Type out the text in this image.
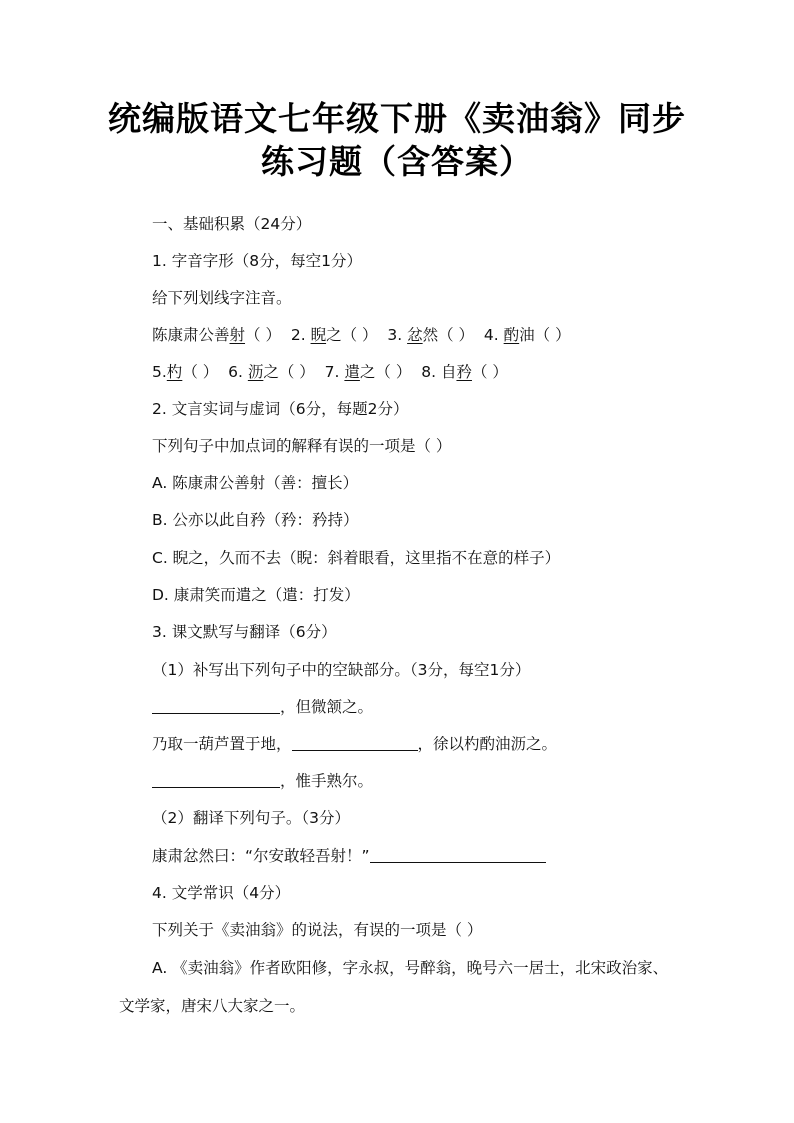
统编版语文七年级下册《卖油翁》同步
练习题（含答案）
一、基础积累（24分）
1. 字音字形（8分，每空1分）
给下列划线字注音。
陈康肃公善射（ ） 2. 睨之（ ） 3. 忿然（ ） 4. 酌油（ ）
5.杓（ ） 6. 沥之（ ） 7. 遣之（ ） 8. 自矜（ ）
2. 文言实词与虚词（6分，每题2分）
下列句子中加点词的解释有误的一项是（ ）
A. 陈康肃公善射（善：擅长）
B. 公亦以此自矜（矜：矜持）
C. 睨之，久而不去（睨：斜着眼看，这里指不在意的样子）
D. 康肃笑而遣之（遣：打发）
3. 课文默写与翻译（6分）
（1）补写出下列句子中的空缺部分。（3分，每空1分）
，但微颔之。
乃取一葫芦置于地，	，徐以杓酌油沥之。
，惟手熟尔。
（2）翻译下列句子。（3分）
康肃忿然曰：“尔安敢轻吾射！”
4. 文学常识（4分）
下列关于《卖油翁》的说法，有误的一项是（ ）
A. 《卖油翁》作者欧阳修，字永叔，号醉翁，晚号六一居士，北宋政治家、
文学家，唐宋八大家之一。
